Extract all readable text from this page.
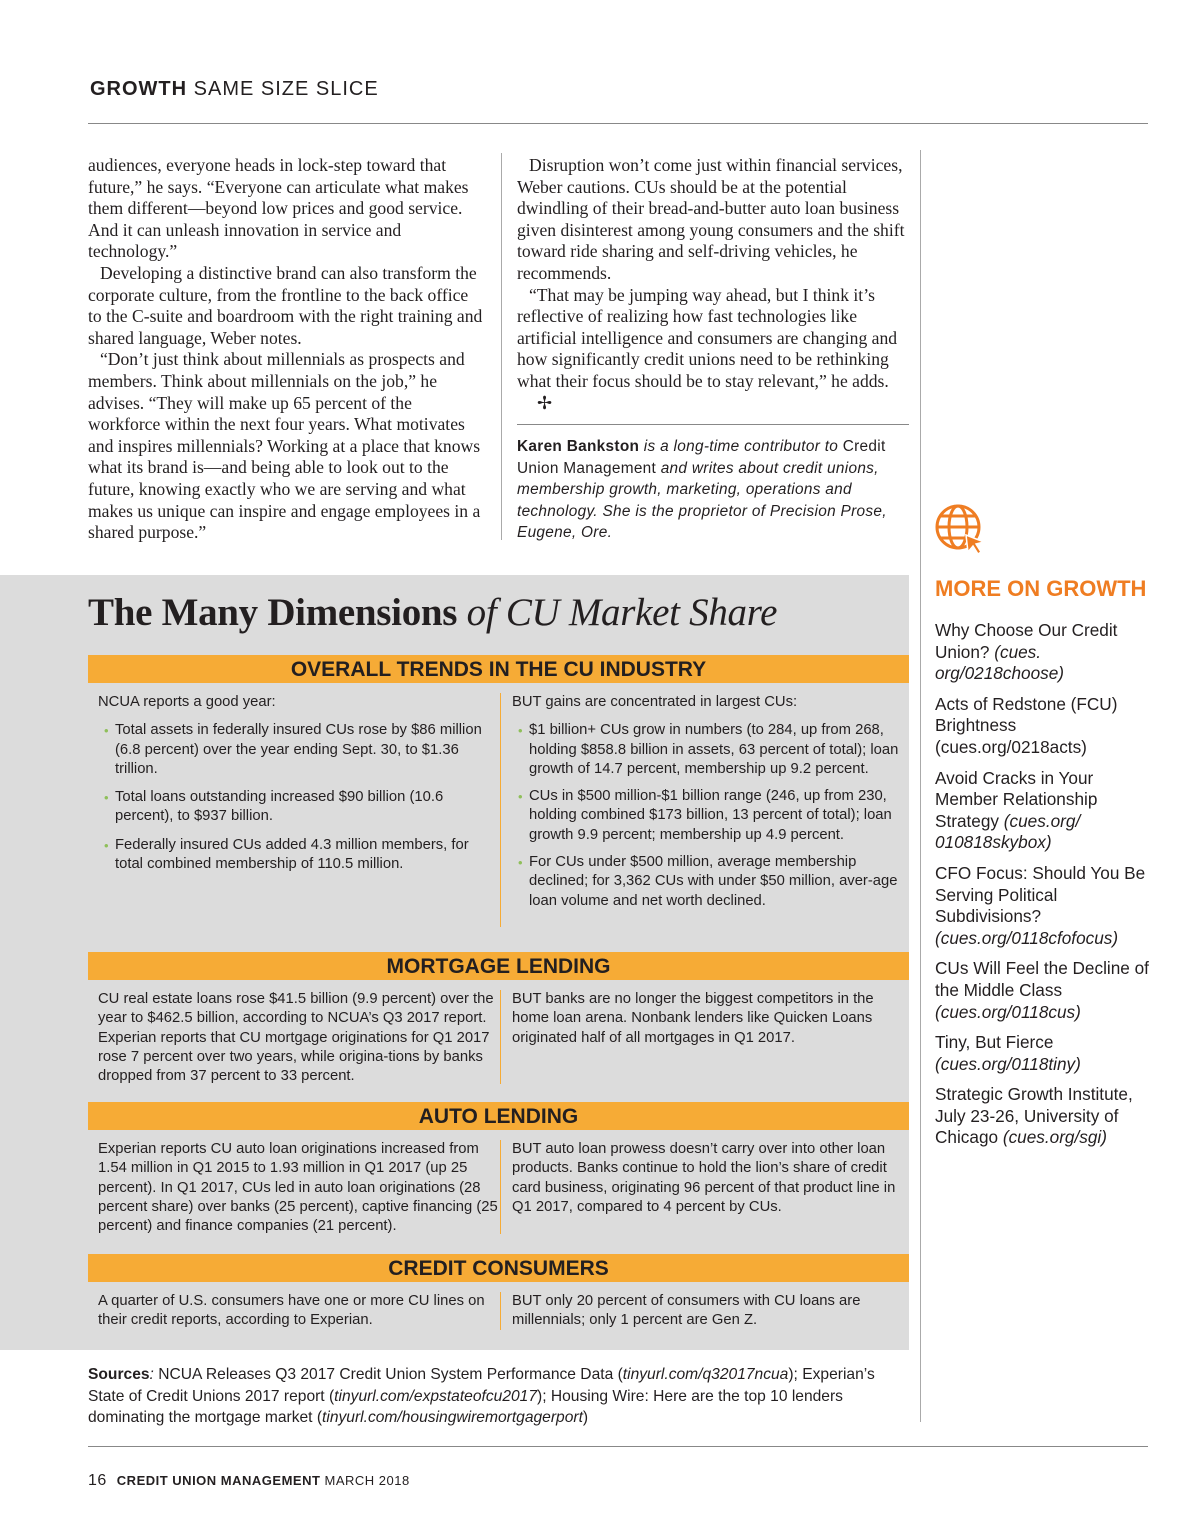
GROWTH SAME SIZE SLICE

audiences, everyone heads in lock-step toward that future,” he says. “Everyone can articulate what makes them different—beyond low prices and good service. And it can unleash innovation in service and technology.”

Developing a distinctive brand can also transform the corporate culture, from the frontline to the back office to the C-suite and boardroom with the right training and shared language, Weber notes.

“Don’t just think about millennials as prospects and members. Think about millennials on the job,” he advises. “They will make up 65 percent of the workforce within the next four years. What motivates and inspires millennials? Working at a place that knows what its brand is—and being able to look out to the future, knowing exactly who we are serving and what makes us unique can inspire and engage employees in a shared purpose.”

Disruption won’t come just within financial services, Weber cautions. CUs should be at the potential dwindling of their bread-and-butter auto loan business given disinterest among young consumers and the shift toward ride sharing and self-driving vehicles, he recommends.

“That may be jumping way ahead, but I think it’s reflective of realizing how fast technologies like artificial intelligence and consumers are changing and how significantly credit unions need to be rethinking what their focus should be to stay relevant,” he adds.✢

Karen Bankston is a long-time contributor to Credit Union Management and writes about credit unions, membership growth, marketing, operations and technology. She is the proprietor of Precision Prose, Eugene, Ore.
The Many Dimensions of CU Market Share
OVERALL TRENDS IN THE CU INDUSTRY
NCUA reports a good year:
• Total assets in federally insured CUs rose by $86 million (6.8 percent) over the year ending Sept. 30, to $1.36 trillion.
• Total loans outstanding increased $90 billion (10.6 percent), to $937 billion.
• Federally insured CUs added 4.3 million members, for total combined membership of 110.5 million.
BUT gains are concentrated in largest CUs:
• $1 billion+ CUs grow in numbers (to 284, up from 268, holding $858.8 billion in assets, 63 percent of total); loan growth of 14.7 percent, membership up 9.2 percent.
• CUs in $500 million-$1 billion range (246, up from 230, holding combined $173 billion, 13 percent of total); loan growth 9.9 percent; membership up 4.9 percent.
• For CUs under $500 million, average membership declined; for 3,362 CUs with under $50 million, aver-age loan volume and net worth declined.
MORTGAGE LENDING
CU real estate loans rose $41.5 billion (9.9 percent) over the year to $462.5 billion, according to NCUA’s Q3 2017 report. Experian reports that CU mortgage originations for Q1 2017 rose 7 percent over two years, while origina-tions by banks dropped from 37 percent to 33 percent.
BUT banks are no longer the biggest competitors in the home loan arena. Nonbank lenders like Quicken Loans originated half of all mortgages in Q1 2017.
AUTO LENDING
Experian reports CU auto loan originations increased from 1.54 million in Q1 2015 to 1.93 million in Q1 2017 (up 25 percent). In Q1 2017, CUs led in auto loan originations (28 percent share) over banks (25 percent), captive financing (25 percent) and finance companies (21 percent).
BUT auto loan prowess doesn’t carry over into other loan products. Banks continue to hold the lion’s share of credit card business, originating 96 percent of that product line in Q1 2017, compared to 4 percent by CUs.
CREDIT CONSUMERS
A quarter of U.S. consumers have one or more CU lines on their credit reports, according to Experian.
BUT only 20 percent of consumers with CU loans are millennials; only 1 percent are Gen Z.
Sources: NCUA Releases Q3 2017 Credit Union System Performance Data (tinyurl.com/q32017ncua); Experian’s State of Credit Unions 2017 report (tinyurl.com/expstateofcu2017); Housing Wire: Here are the top 10 lenders dominating the mortgage market (tinyurl.com/housingwiremortgagerport)
16 CREDIT UNION MANAGEMENT MARCH 2018
MORE ON GROWTH
Why Choose Our Credit Union? (cues. org/0218choose)
Acts of Redstone (FCU) Brightness (cues.org/0218acts)
Avoid Cracks in Your Member Relationship Strategy (cues.org/ 010818skybox)
CFO Focus: Should You Be Serving Political Subdivisions? (cues.org/0118cfofocus)
CUs Will Feel the Decline of the Middle Class (cues.org/0118cus)
Tiny, But Fierce (cues.org/0118tiny)
Strategic Growth Institute, July 23-26, University of Chicago (cues.org/sgi)
